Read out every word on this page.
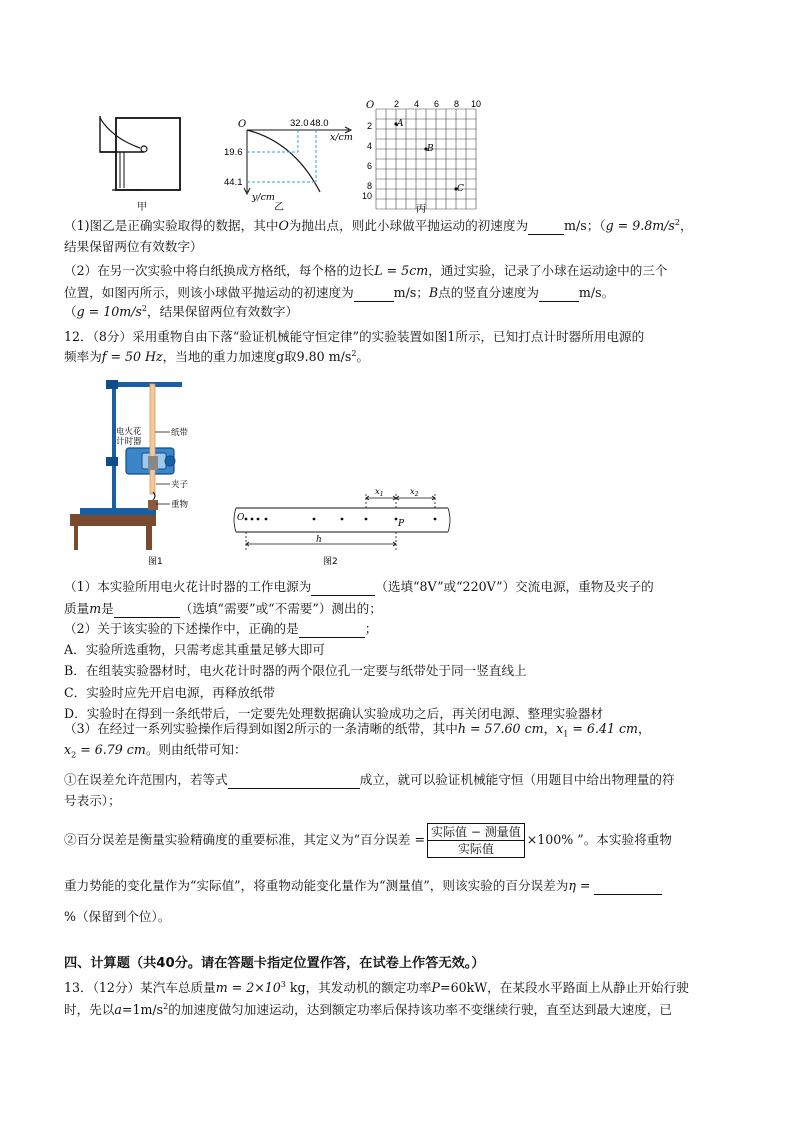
甲
O	32.0 48.0
x/cm
19.6
44.1
y/cm
乙
O 2 4 6 8 10
2
4
6
8
10
A
B
C
丙
（1)图乙是正确实验取得的数据，其中O为抛出点，则此小球做平抛运动的初速度为	m/s；（$g = 9.8m/s^2$，
结果保留两位有效数字）
（2）在另一次实验中将白纸换成方格纸，每个格的边长L = 5cm，通过实验，记录了小球在运动途中的三个
位置，如图丙所示，则该小球做平抛运动的初速度为	m/s；B点的竖直分速度为	m/s。
（$g = 10m/s^2$，结果保留两位有效数字）
12．（8分）采用重物自由下落“验证机械能守恒定律”的实验装置如图1所示，已知打点计时器所用电源的
频率为f = 50 Hz，当地的重力加速度g取9.80 $m/s^2$。
电火花
计时器
纸带
夹子
重物
图1
O
P
$x_1$	$x_2$
h
图2
（1）本实验所用电火花计时器的工作电源为	（选填“8V”或“220V”）交流电源，重物及夹子的
质量m是	（选填“需要”或“不需要”）测出的；
（2）关于该实验的下述操作中，正确的是	；
A．实验所选重物，只需考虑其重量足够大即可
B．在组装实验器材时，电火花计时器的两个限位孔一定要与纸带处于同一竖直线上
C．实验时应先开启电源，再释放纸带
D．实验时在得到一条纸带后，一定要先处理数据确认实验成功之后，再关闭电源、整理实验器材
（3）在经过一系列实验操作后得到如图2所示的一条清晰的纸带，其中h = 57.60 cm，$x_1 = 6.41$ cm，
$x_2 = 6.79$ cm。则由纸带可知：
①在误差允许范围内，若等式	成立，就可以验证机械能守恒（用题目中给出物理量的符
号表示）；
②百分误差是衡量实验精确度的重要标准，其定义为“百分误差 = $\frac{\text{实际值 − 测量值}}{\text{实际值}} \times 100\%$ ”。本实验将重物
重力势能的变化量作为“实际值”，将重物动能变化量作为“测量值”，则该实验的百分误差为η =
%（保留到个位）。
四、计算题（共40分。请在答题卡指定位置作答，在试卷上作答无效。）
13．（12分）某汽车总质量$m = 2\times 10^3$ kg，其发动机的额定功率P=60kW，在某段水平路面上从静止开始行驶
时，先以$a=1m/s^2$的加速度做匀加速运动，达到额定功率后保持该功率不变继续行驶，直至达到最大速度，已
